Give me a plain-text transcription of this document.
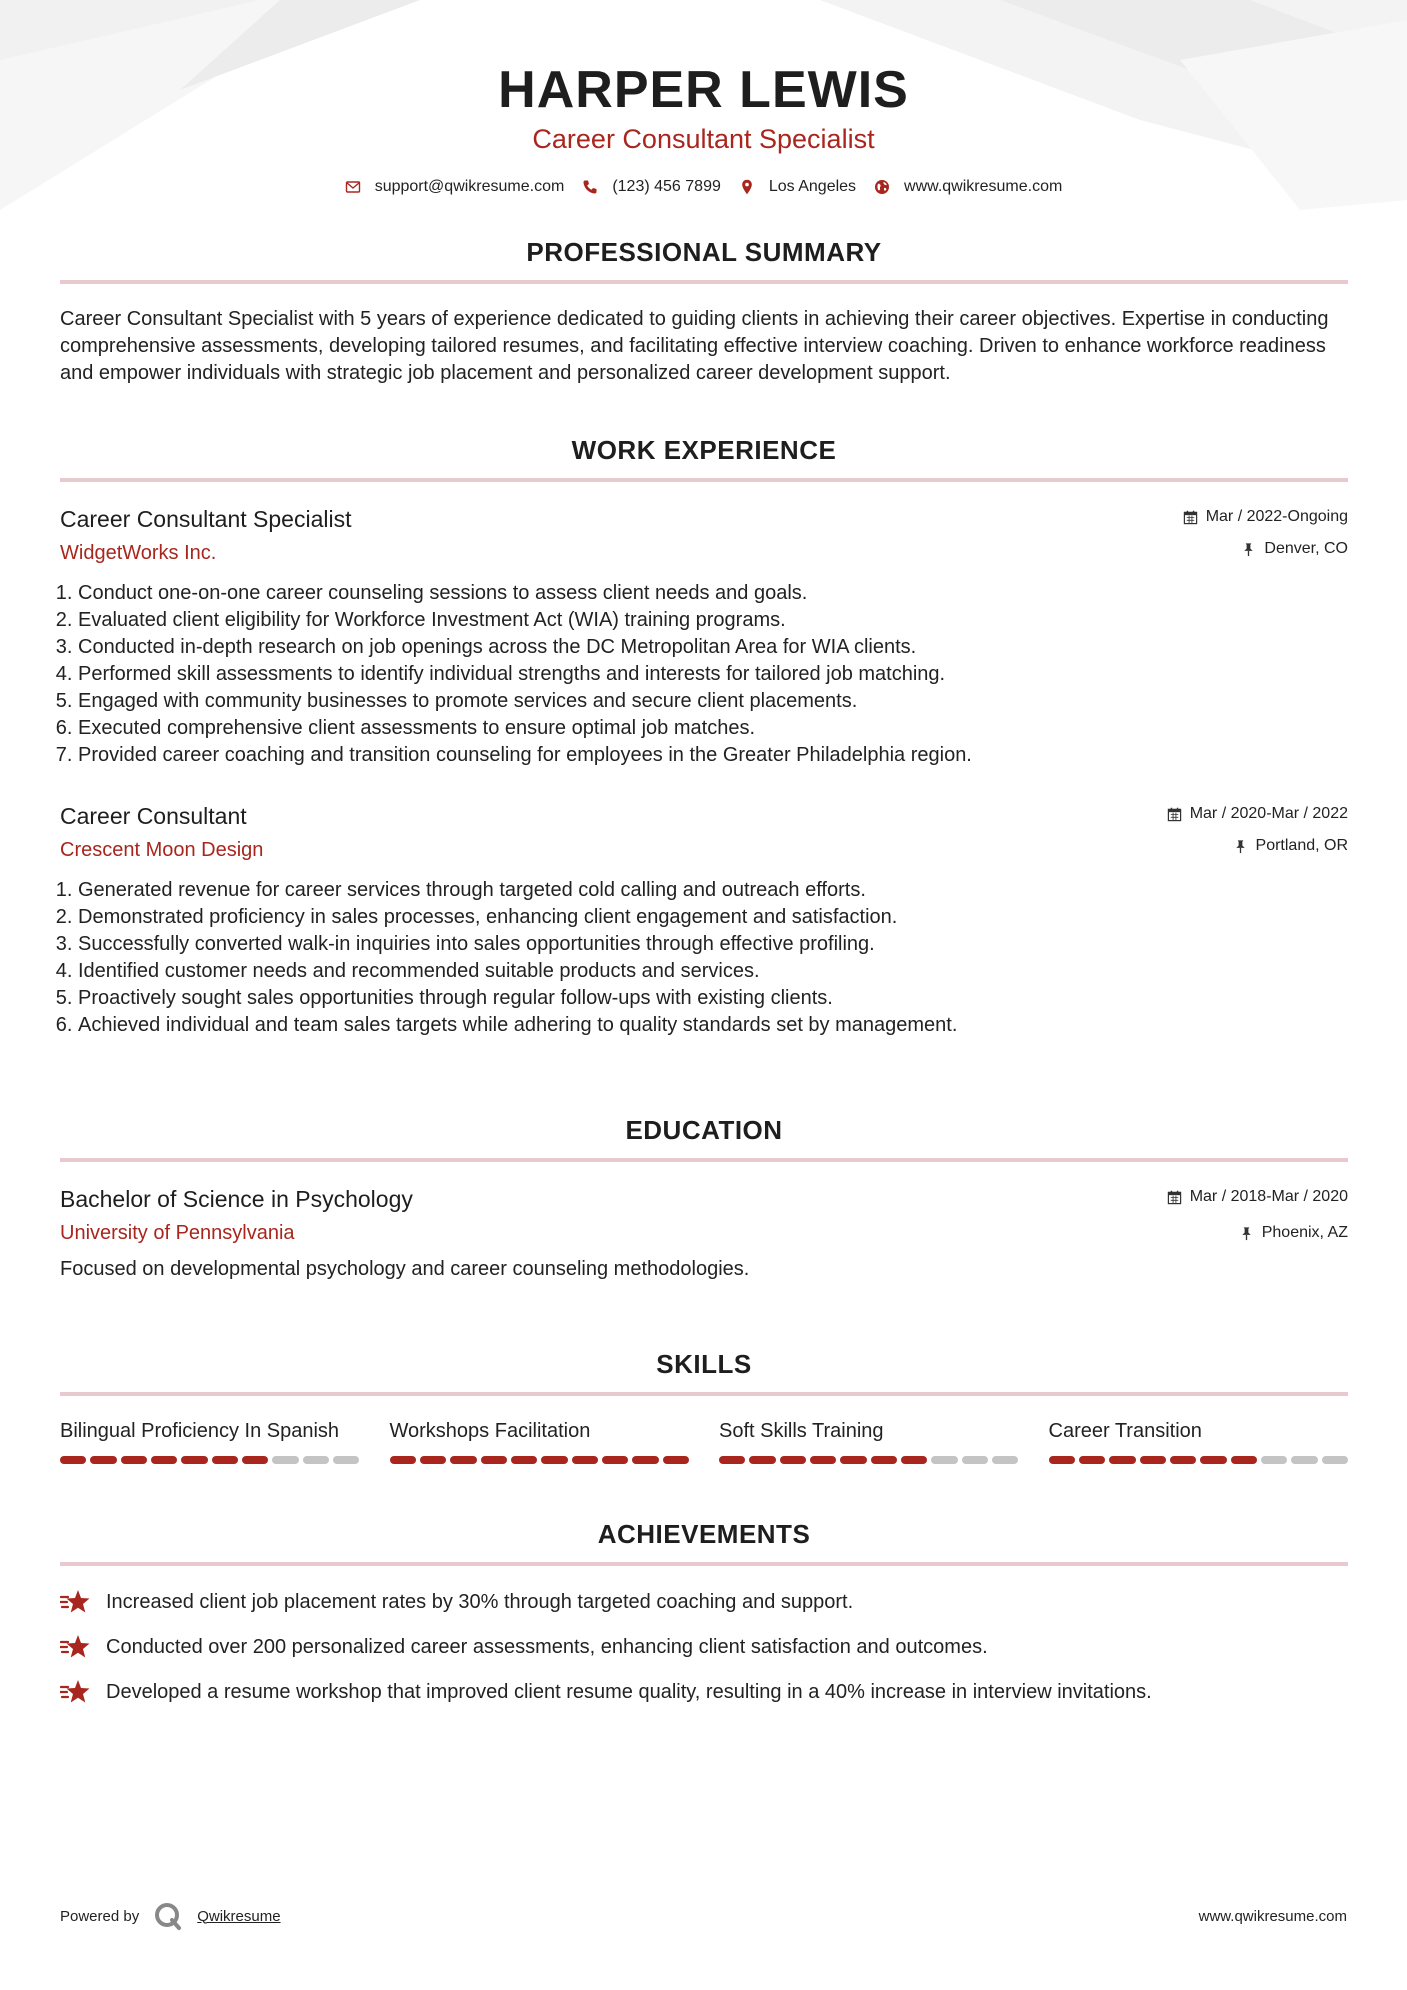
HARPER LEWIS
Career Consultant Specialist
support@qwikresume.com	(123) 456 7899	Los Angeles	www.qwikresume.com
PROFESSIONAL SUMMARY
Career Consultant Specialist with 5 years of experience dedicated to guiding clients in achieving their career objectives. Expertise in conducting comprehensive assessments, developing tailored resumes, and facilitating effective interview coaching. Driven to enhance workforce readiness and empower individuals with strategic job placement and personalized career development support.
WORK EXPERIENCE
Career Consultant Specialist
WidgetWorks Inc.
Mar / 2022-Ongoing
Denver, CO
1. Conduct one-on-one career counseling sessions to assess client needs and goals.
2. Evaluated client eligibility for Workforce Investment Act (WIA) training programs.
3. Conducted in-depth research on job openings across the DC Metropolitan Area for WIA clients.
4. Performed skill assessments to identify individual strengths and interests for tailored job matching.
5. Engaged with community businesses to promote services and secure client placements.
6. Executed comprehensive client assessments to ensure optimal job matches.
7. Provided career coaching and transition counseling for employees in the Greater Philadelphia region.
Career Consultant
Crescent Moon Design
Mar / 2020-Mar / 2022
Portland, OR
1. Generated revenue for career services through targeted cold calling and outreach efforts.
2. Demonstrated proficiency in sales processes, enhancing client engagement and satisfaction.
3. Successfully converted walk-in inquiries into sales opportunities through effective profiling.
4. Identified customer needs and recommended suitable products and services.
5. Proactively sought sales opportunities through regular follow-ups with existing clients.
6. Achieved individual and team sales targets while adhering to quality standards set by management.
EDUCATION
Bachelor of Science in Psychology
University of Pennsylvania
Mar / 2018-Mar / 2020
Phoenix, AZ
Focused on developmental psychology and career counseling methodologies.
SKILLS
Bilingual Proficiency In Spanish	Workshops Facilitation	Soft Skills Training	Career Transition
ACHIEVEMENTS
Increased client job placement rates by 30% through targeted coaching and support.
Conducted over 200 personalized career assessments, enhancing client satisfaction and outcomes.
Developed a resume workshop that improved client resume quality, resulting in a 40% increase in interview invitations.
Powered by	Qwikresume	www.qwikresume.com
